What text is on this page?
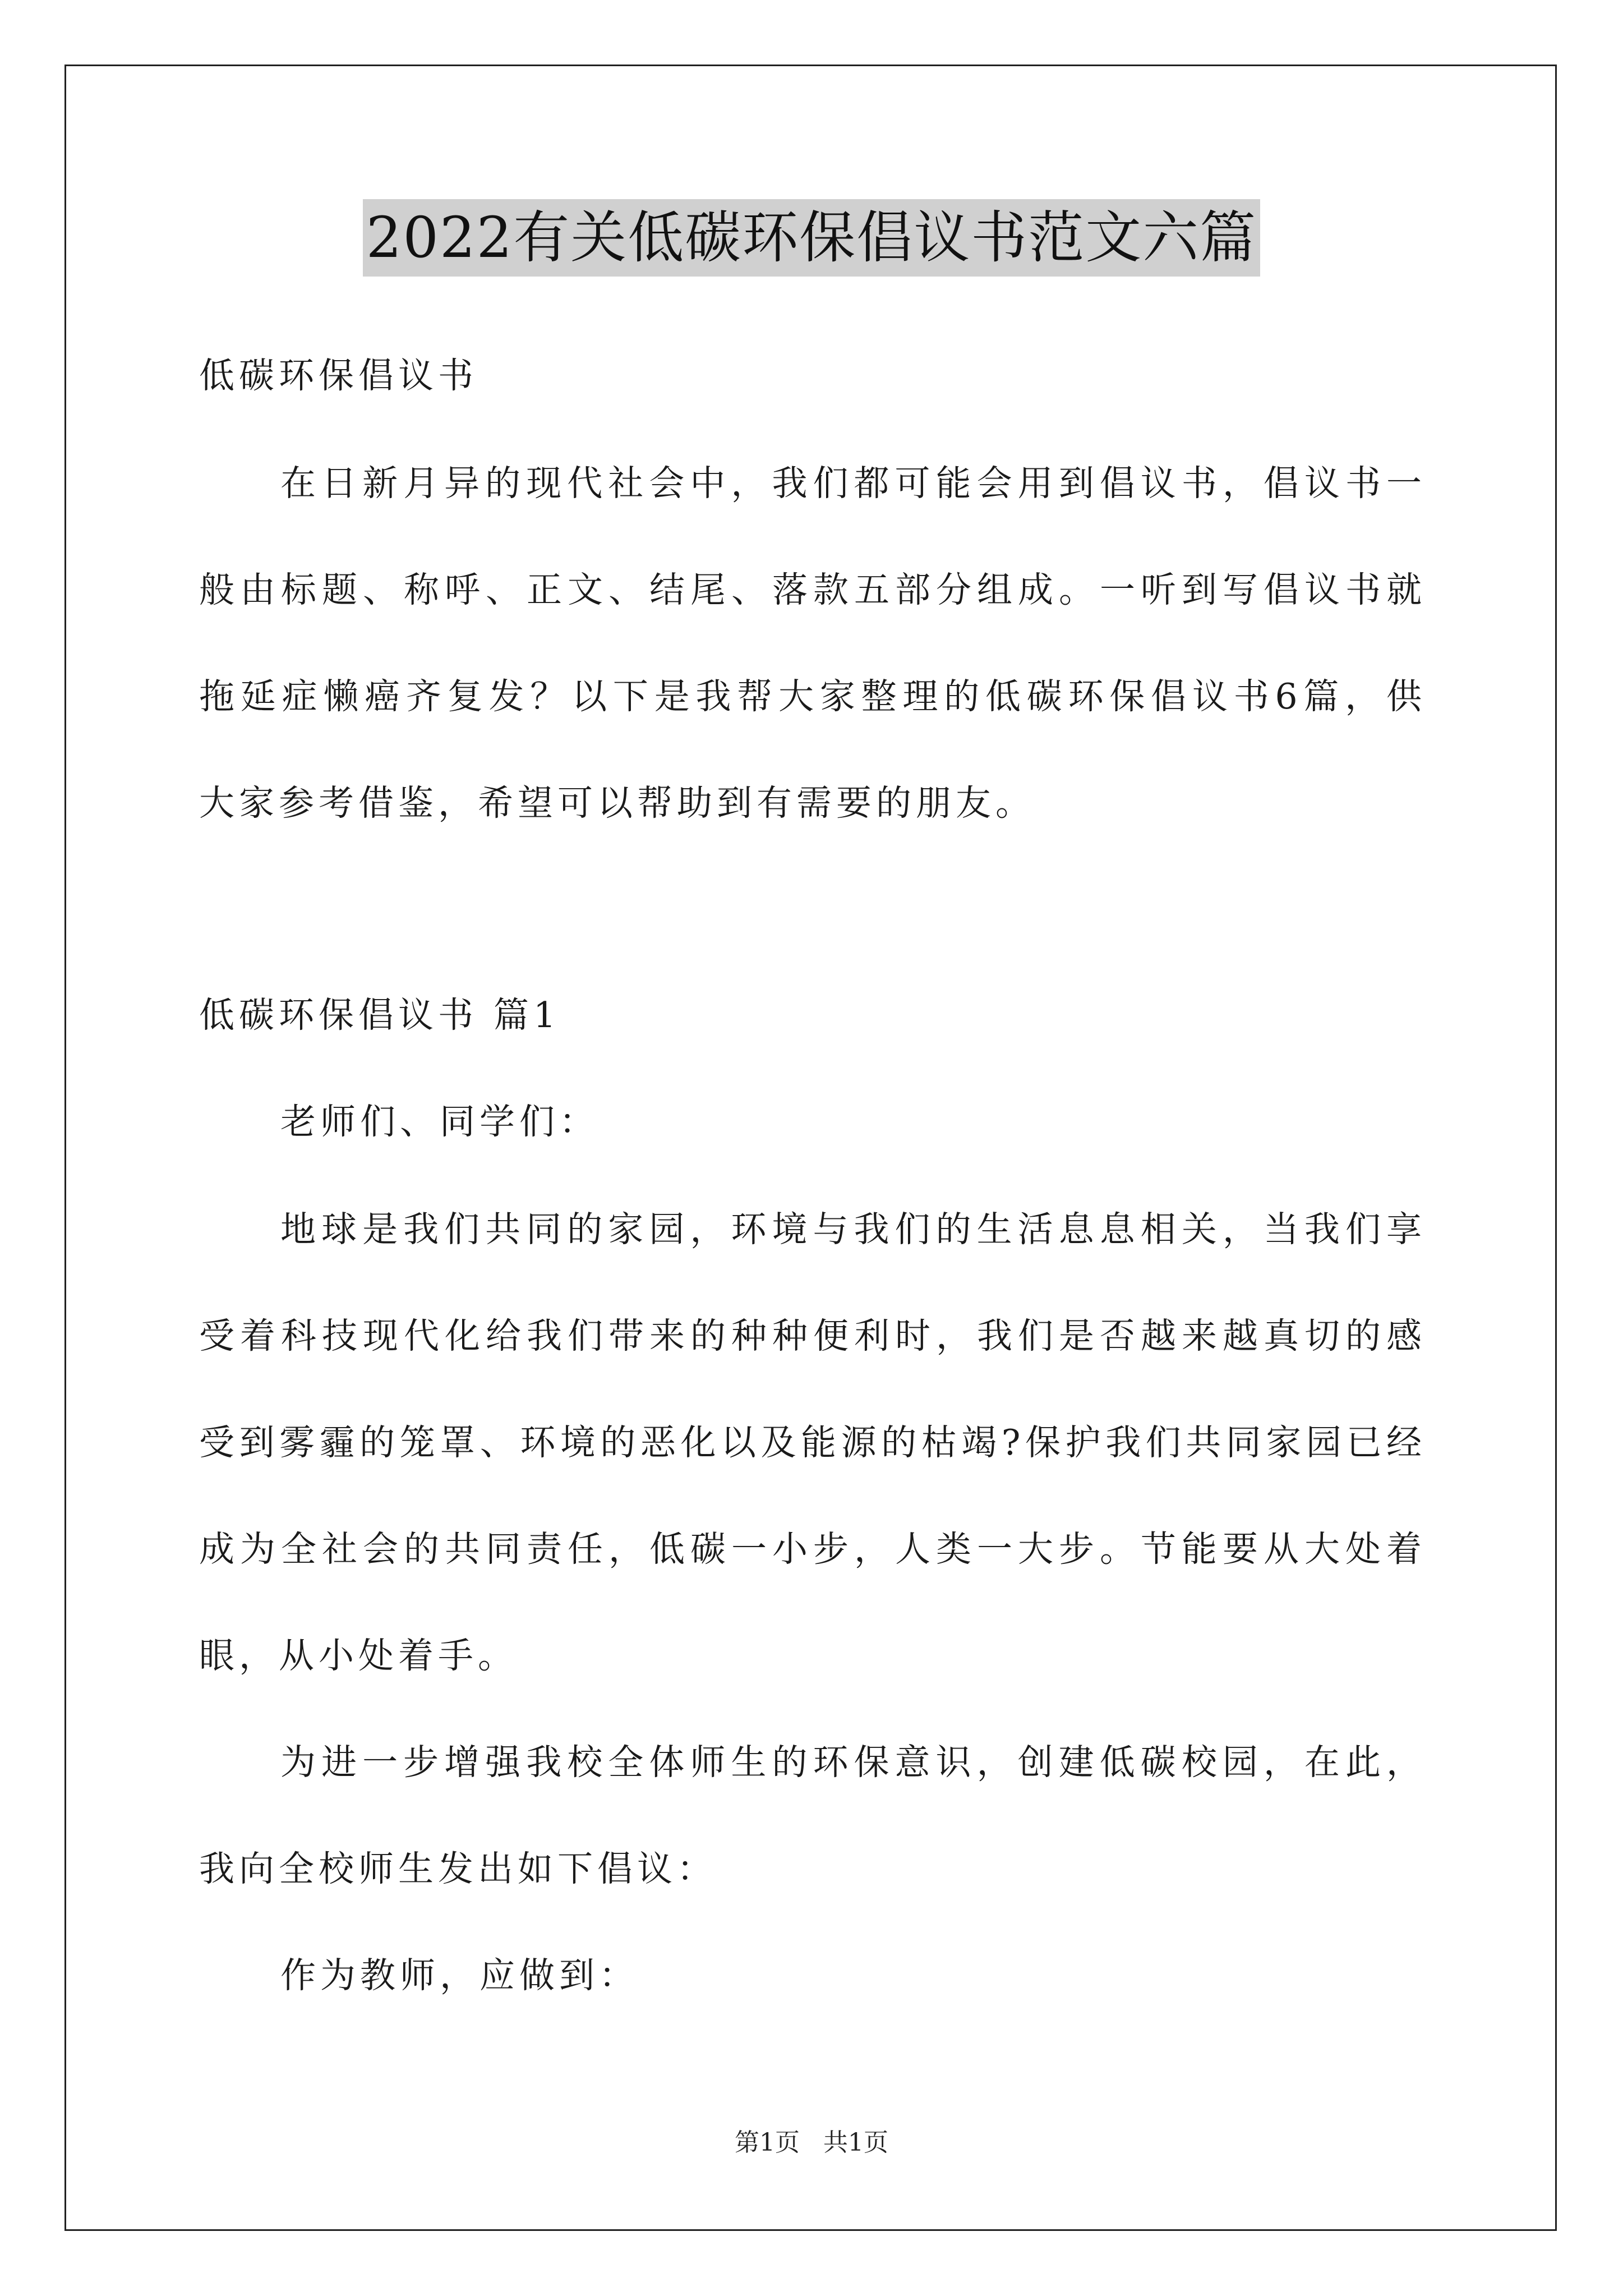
2022有关低碳环保倡议书范文六篇
低碳环保倡议书
在日新月异的现代社会中，我们都可能会用到倡议书，倡议书一
般由标题、称呼、正文、结尾、落款五部分组成。一听到写倡议书就
拖延症懒癌齐复发？以下是我帮大家整理的低碳环保倡议书6篇，供
大家参考借鉴，希望可以帮助到有需要的朋友。
低碳环保倡议书 篇1
老师们、同学们：
地球是我们共同的家园，环境与我们的生活息息相关，当我们享
受着科技现代化给我们带来的种种便利时，我们是否越来越真切的感
受到雾霾的笼罩、环境的恶化以及能源的枯竭?保护我们共同家园已经
成为全社会的共同责任，低碳一小步，人类一大步。节能要从大处着
眼，从小处着手。
为进一步增强我校全体师生的环保意识，创建低碳校园，在此，
我向全校师生发出如下倡议：
作为教师，应做到：
第1页 共1页
